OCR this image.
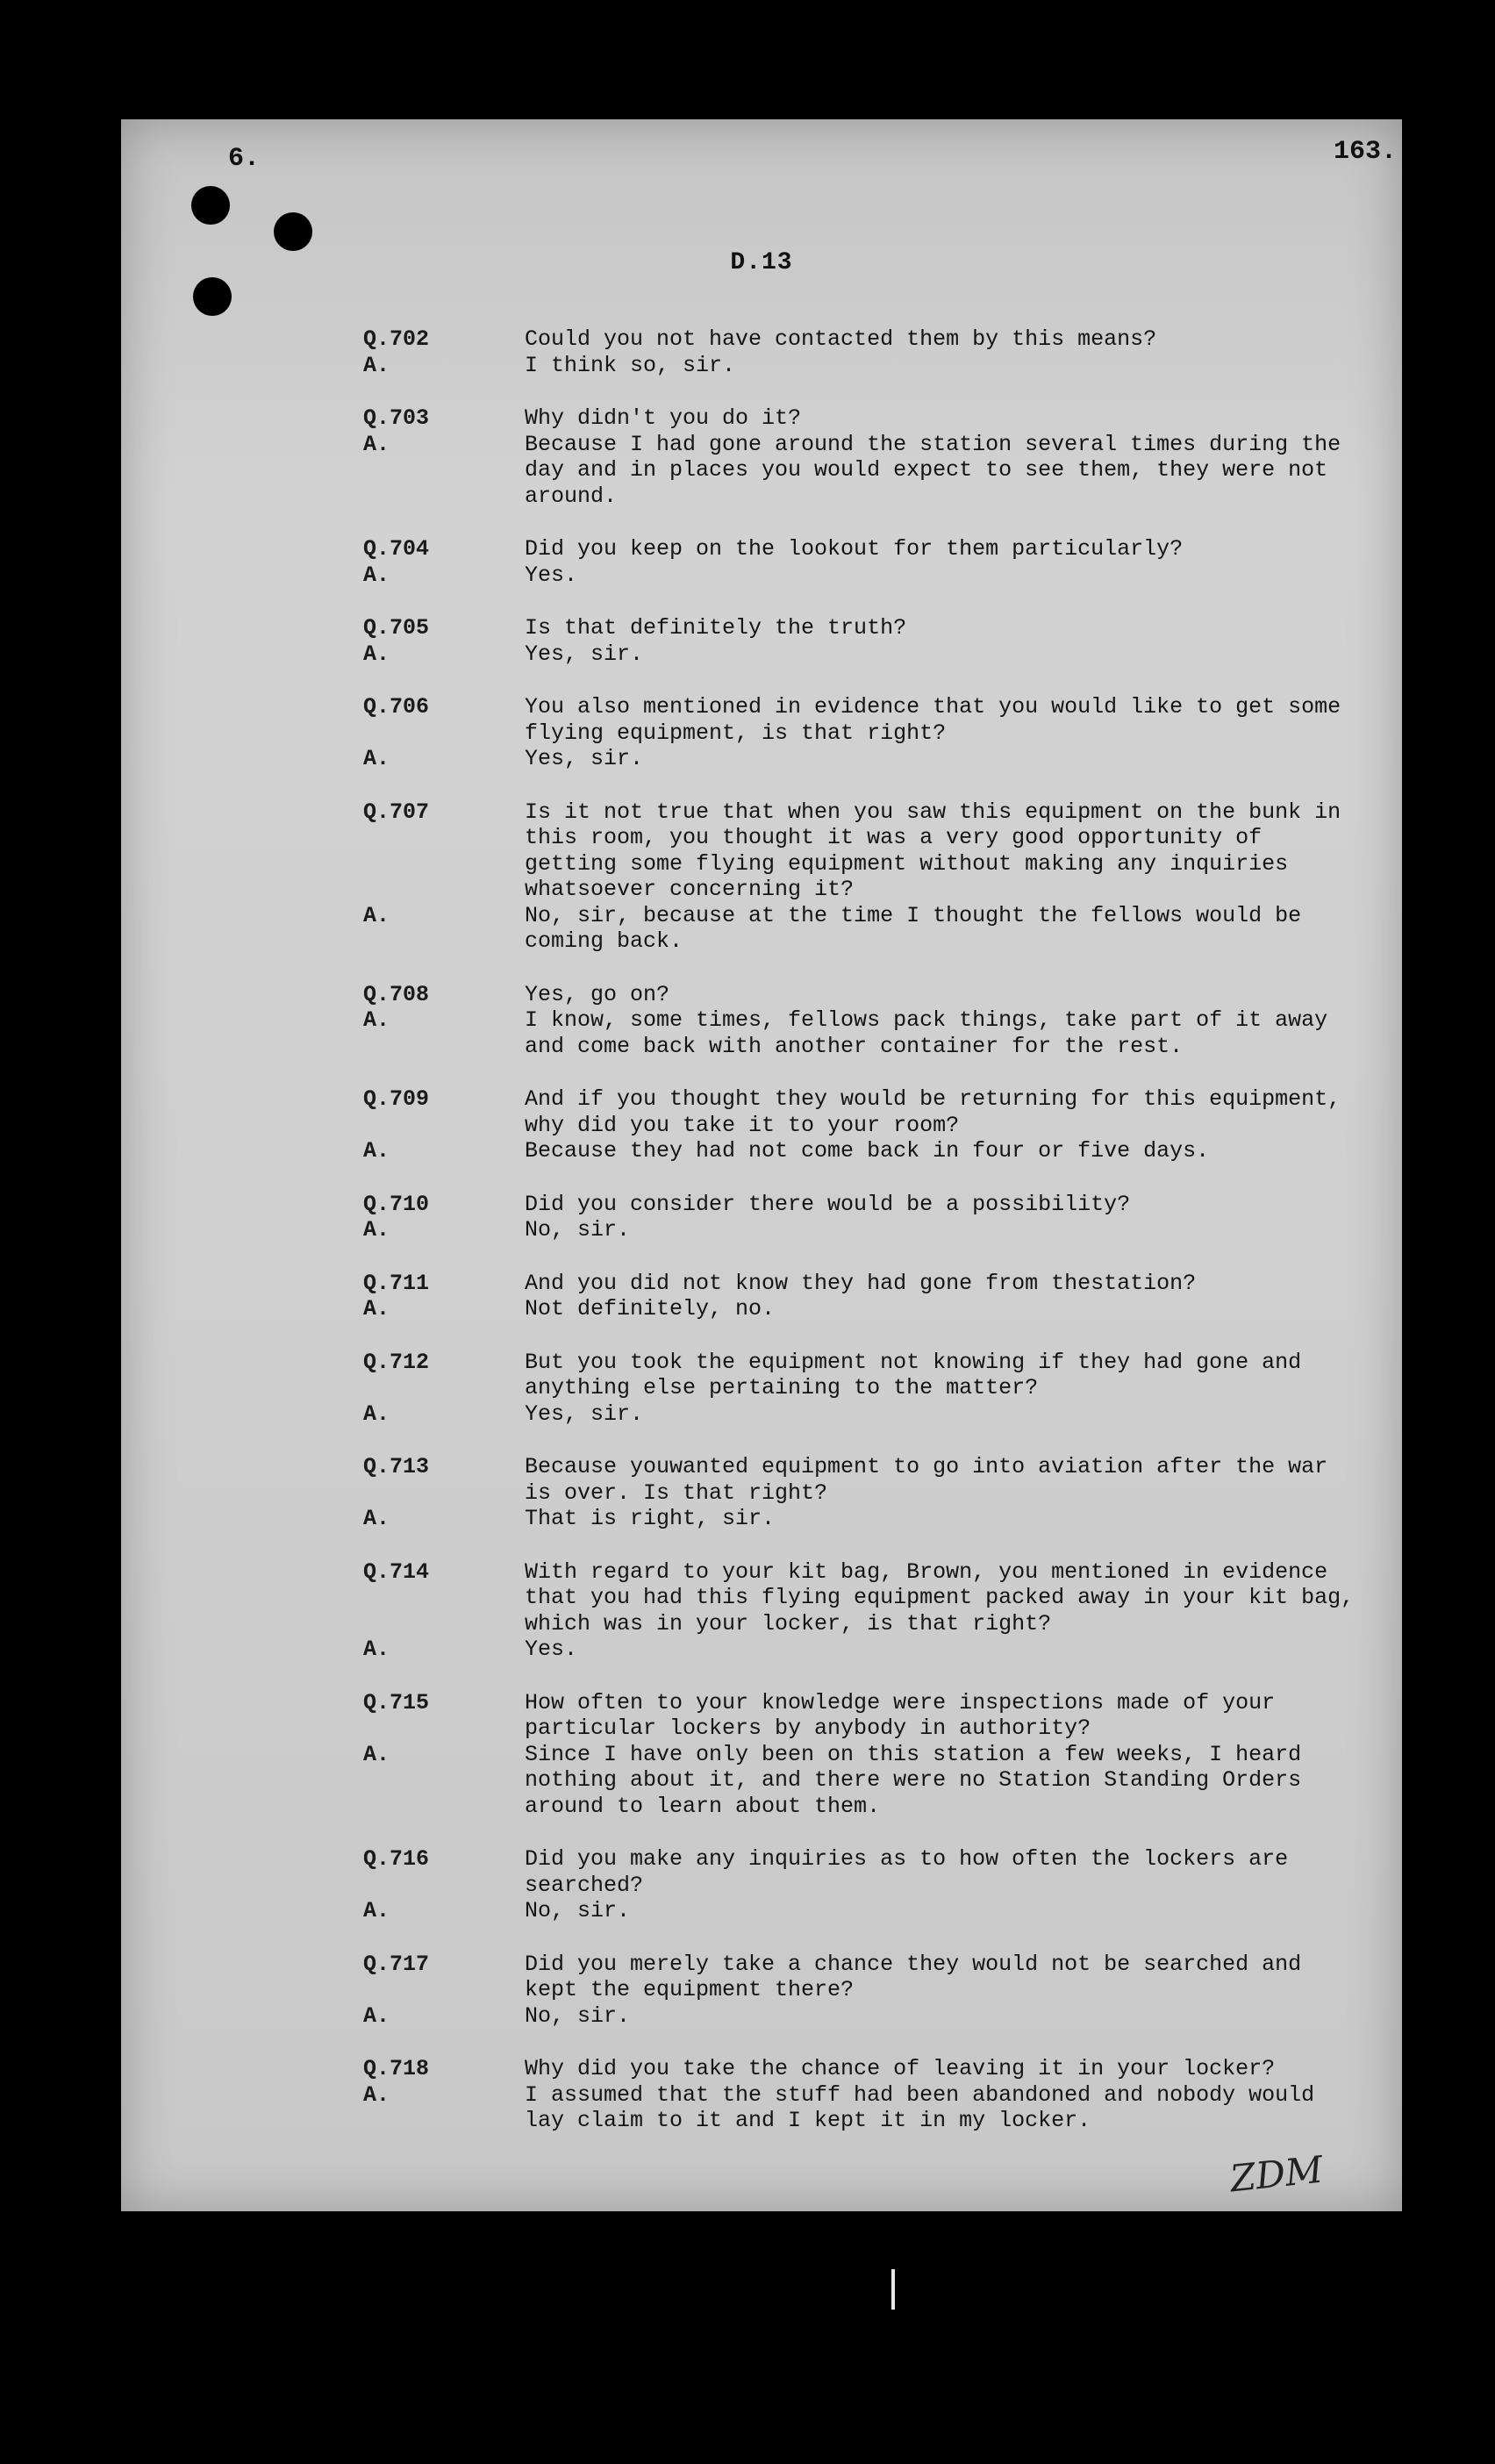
6.	163.
D.13
Q.702	Could you not have contacted them by this means?
A.	I think so, sir.
Q.703	Why didn't you do it?
A.	Because I had gone around the station several times during the day and in places you would expect to see them, they were not around.
Q.704	Did you keep on the lookout for them particularly?
A.	Yes.
Q.705	Is that definitely the truth?
A.	Yes, sir.
Q.706	You also mentioned in evidence that you would like to get some flying equipment, is that right?
A.	Yes, sir.
Q.707	Is it not true that when you saw this equipment on the bunk in this room, you thought it was a very good opportunity of getting some flying equipment without making any inquiries whatsoever concerning it?
A.	No, sir, because at the time I thought the fellows would be coming back.
Q.708	Yes, go on?
A.	I know, some times, fellows pack things, take part of it away and come back with another container for the rest.
Q.709	And if you thought they would be returning for this equipment, why did you take it to your room?
A.	Because they had not come back in four or five days.
Q.710	Did you consider there would be a possibility?
A.	No, sir.
Q.711	And you did not know they had gone from thestation?
A.	Not definitely, no.
Q.712	But you took the equipment not knowing if they had gone and anything else pertaining to the matter?
A.	Yes, sir.
Q.713	Because youwanted equipment to go into aviation after the war is over. Is that right?
A.	That is right, sir.
Q.714	With regard to your kit bag, Brown, you mentioned in evidence that you had this flying equipment packed away in your kit bag, which was in your locker, is that right?
A.	Yes.
Q.715	How often to your knowledge were inspections made of your particular lockers by anybody in authority?
A.	Since I have only been on this station a few weeks, I heard nothing about it, and there were no Station Standing Orders around to learn about them.
Q.716	Did you make any inquiries as to how often the lockers are searched?
A.	No, sir.
Q.717	Did you merely take a chance they would not be searched and kept the equipment there?
A.	No, sir.
Q.718	Why did you take the chance of leaving it in your locker?
A.	I assumed that the stuff had been abandoned and nobody would lay claim to it and I kept it in my locker.
ZDM
